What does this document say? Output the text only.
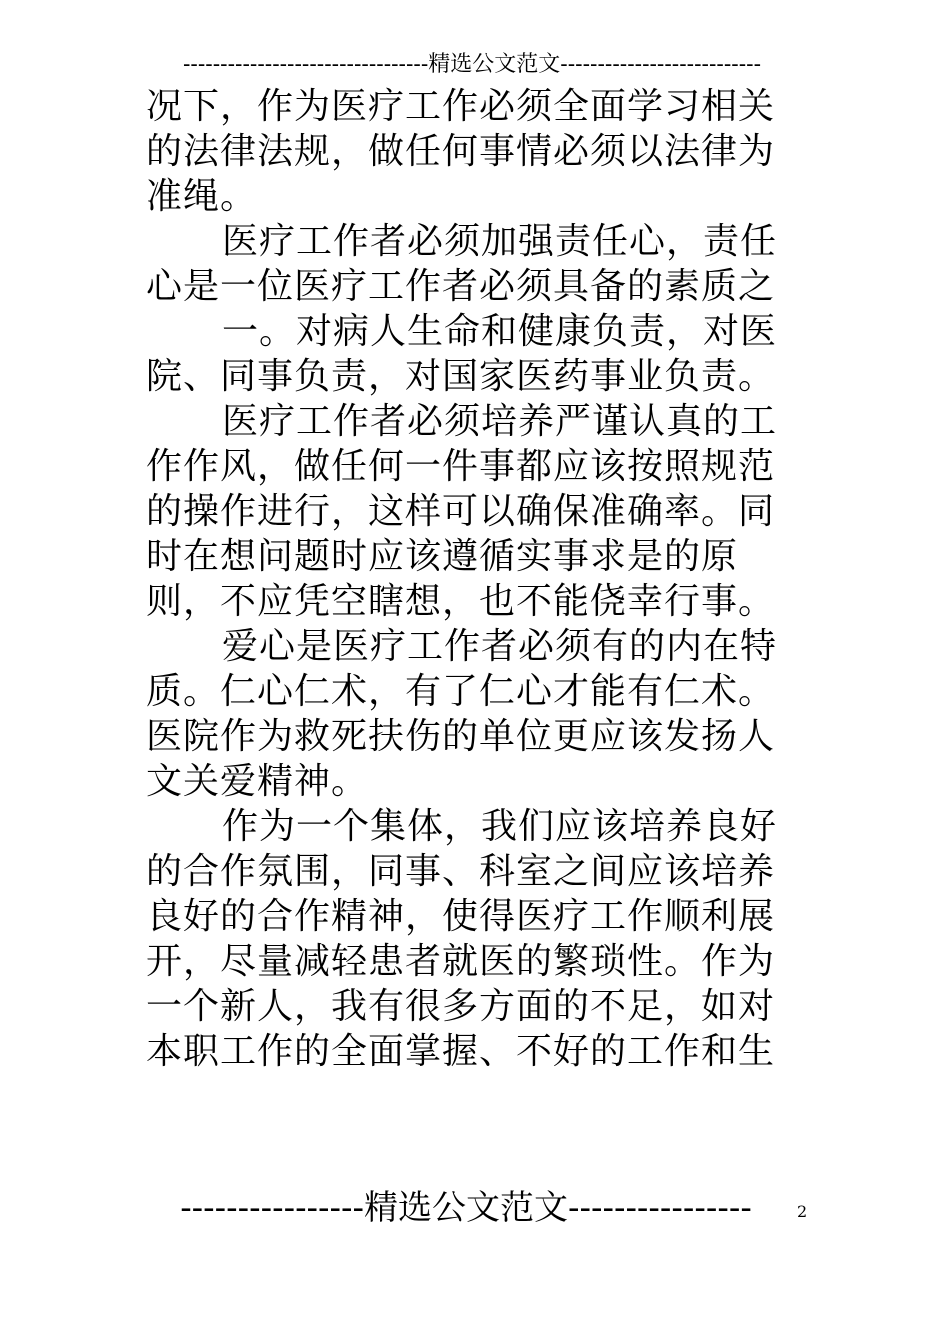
---------------------------------精选公文范文---------------------------
况下，作为医疗工作必须全面学习相关
的法律法规，做任何事情必须以法律为
准绳。
医疗工作者必须加强责任心，责任
心是一位医疗工作者必须具备的素质之
一。对病人生命和健康负责，对医
院、同事负责，对国家医药事业负责。
医疗工作者必须培养严谨认真的工
作作风，做任何一件事都应该按照规范
的操作进行，这样可以确保准确率。同
时在想问题时应该遵循实事求是的原
则，不应凭空瞎想，也不能侥幸行事。
爱心是医疗工作者必须有的内在特
质。仁心仁术，有了仁心才能有仁术。
医院作为救死扶伤的单位更应该发扬人
文关爱精神。
作为一个集体，我们应该培养良好
的合作氛围，同事、科室之间应该培养
良好的合作精神，使得医疗工作顺利展
开，尽量减轻患者就医的繁琐性。作为
一个新人，我有很多方面的不足，如对
本职工作的全面掌握、不好的工作和生
----------------精选公文范文----------------	2
